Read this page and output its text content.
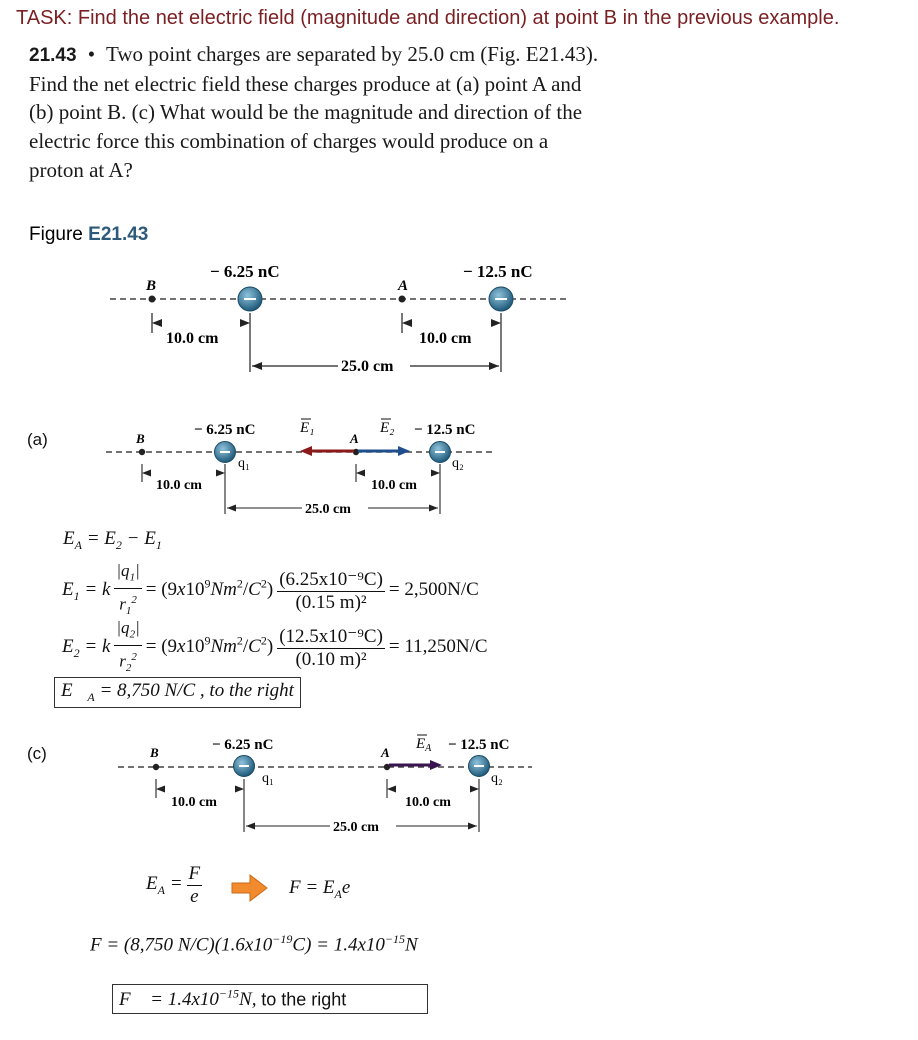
TASK: Find the net electric field (magnitude and direction) at point B in the previous example.
21.43 • Two point charges are separated by 25.0 cm (Fig. E21.43).
Find the net electric field these charges produce at (a) point A and
(b) point B. (c) What would be the magnitude and direction of the
electric force this combination of charges would produce on a
proton at A?
Figure E21.43
B	A
− 6.25 nC	− 12.5 nC
10.0 cm	10.0 cm
25.0 cm
B	A
− 6.25 nC	− 12.5 nC
E₁	E₂
q₁	q₂
10.0 cm	10.0 cm
25.0 cm
B	A
− 6.25 nC	− 12.5 nC
$E_A$
q₁	q₂
10.0 cm	10.0 cm
25.0 cm
(a)
(c)
$E_A = E_2 - E_1$
$E_1 = k \frac{|q_1|}{r_1^2} = (9x10^9Nm^2/C^2) \frac{\text{(6.25x10⁻⁹C)}}{\text{(0.15 m)²}} = 2,500N/C$
$E_2 = k \frac{|q_2|}{r_2^2} = (9x10^9Nm^2/C^2) \frac{\text{(12.5x10⁻⁹C)}}{\text{(0.10 m)²}} = 11,250N/C$
$E⃗_A = 8,750$ N/C , to the right
$E_A = \frac{F}{e}$	$F = E_Ae$
F = (8,750 $N/C)(1.6x10^{-19}C) = 1.4x10^{-15}N$
F⃗ = $1.4x10^{-15}N$, to the right
